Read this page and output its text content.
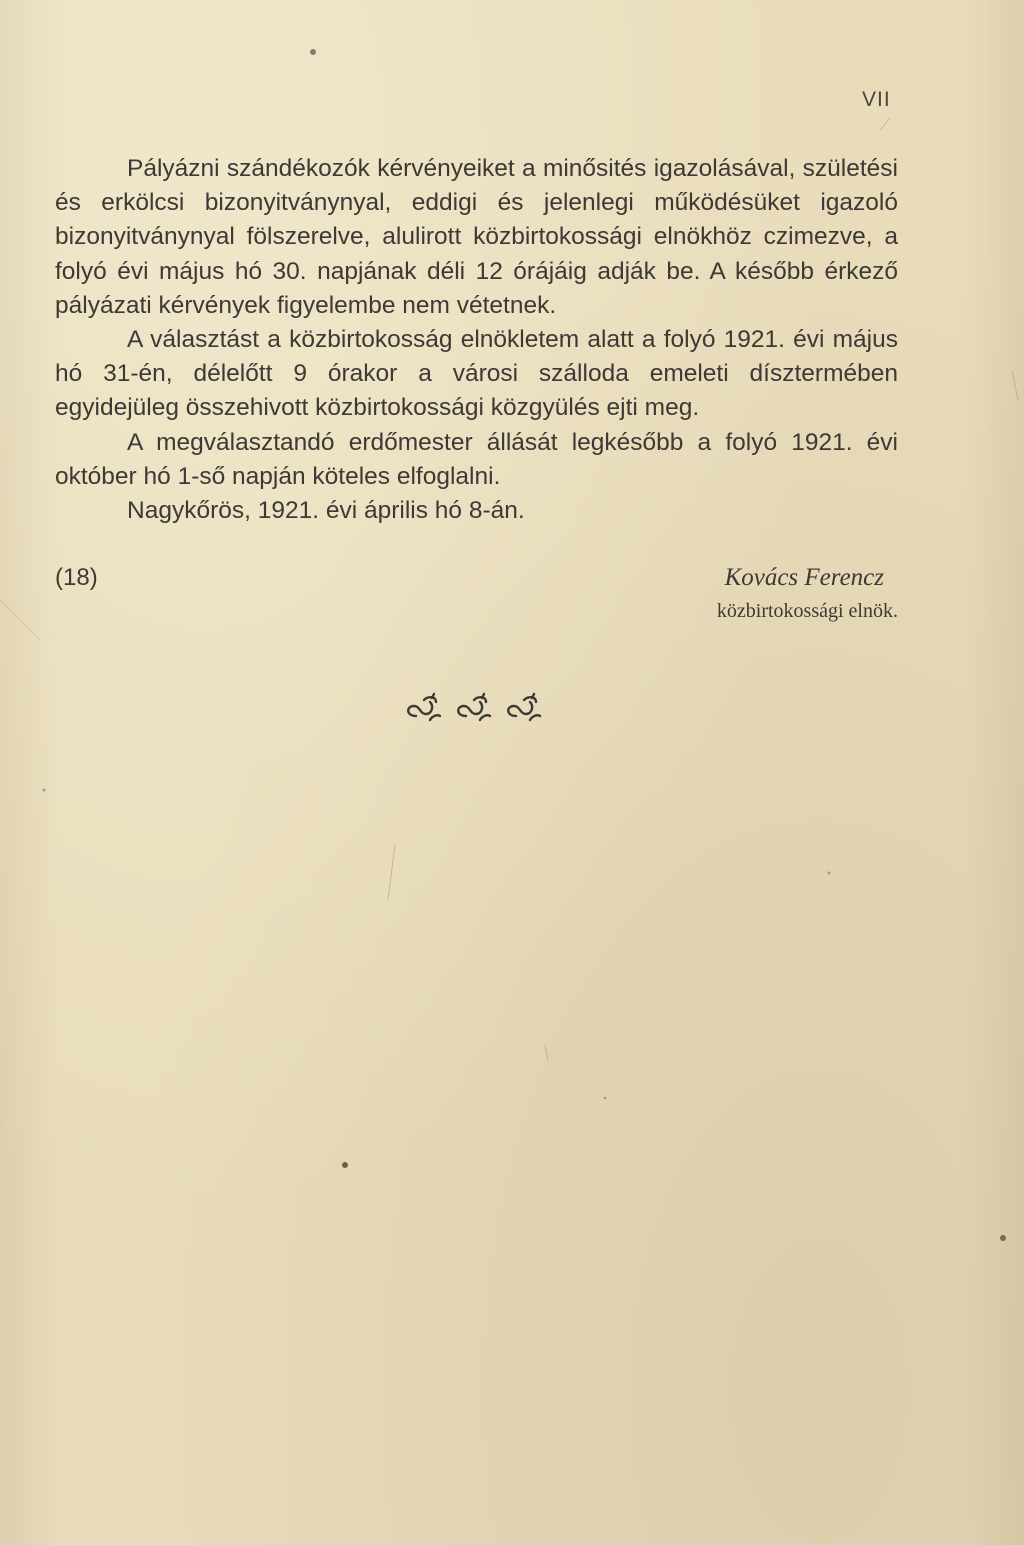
VII

Pályázni szándékozók kérvényeiket a minősités igazolásával, születési és erkölcsi bizonyitványnyal, eddigi és jelenlegi működésüket igazoló bizonyitványnyal fölszerelve, alulirott közbirtokossági elnökhöz czimezve, a folyó évi május hó 30. napjának déli 12 órájáig adják be. A később érkező pályázati kérvények figyelembe nem vétetnek.

A választást a közbirtokosság elnökletem alatt a folyó 1921. évi május hó 31-én, délelőtt 9 órakor a városi szálloda emeleti dísztermében egyidejüleg összehivott közbirtokossági közgyülés ejti meg.

A megválasztandó erdőmester állását legkésőbb a folyó 1921. évi október hó 1-ső napján köteles elfoglalni.

Nagykőrös, 1921. évi április hó 8-án.

(18)	Kovács Ferencz
közbirtokossági elnök.
